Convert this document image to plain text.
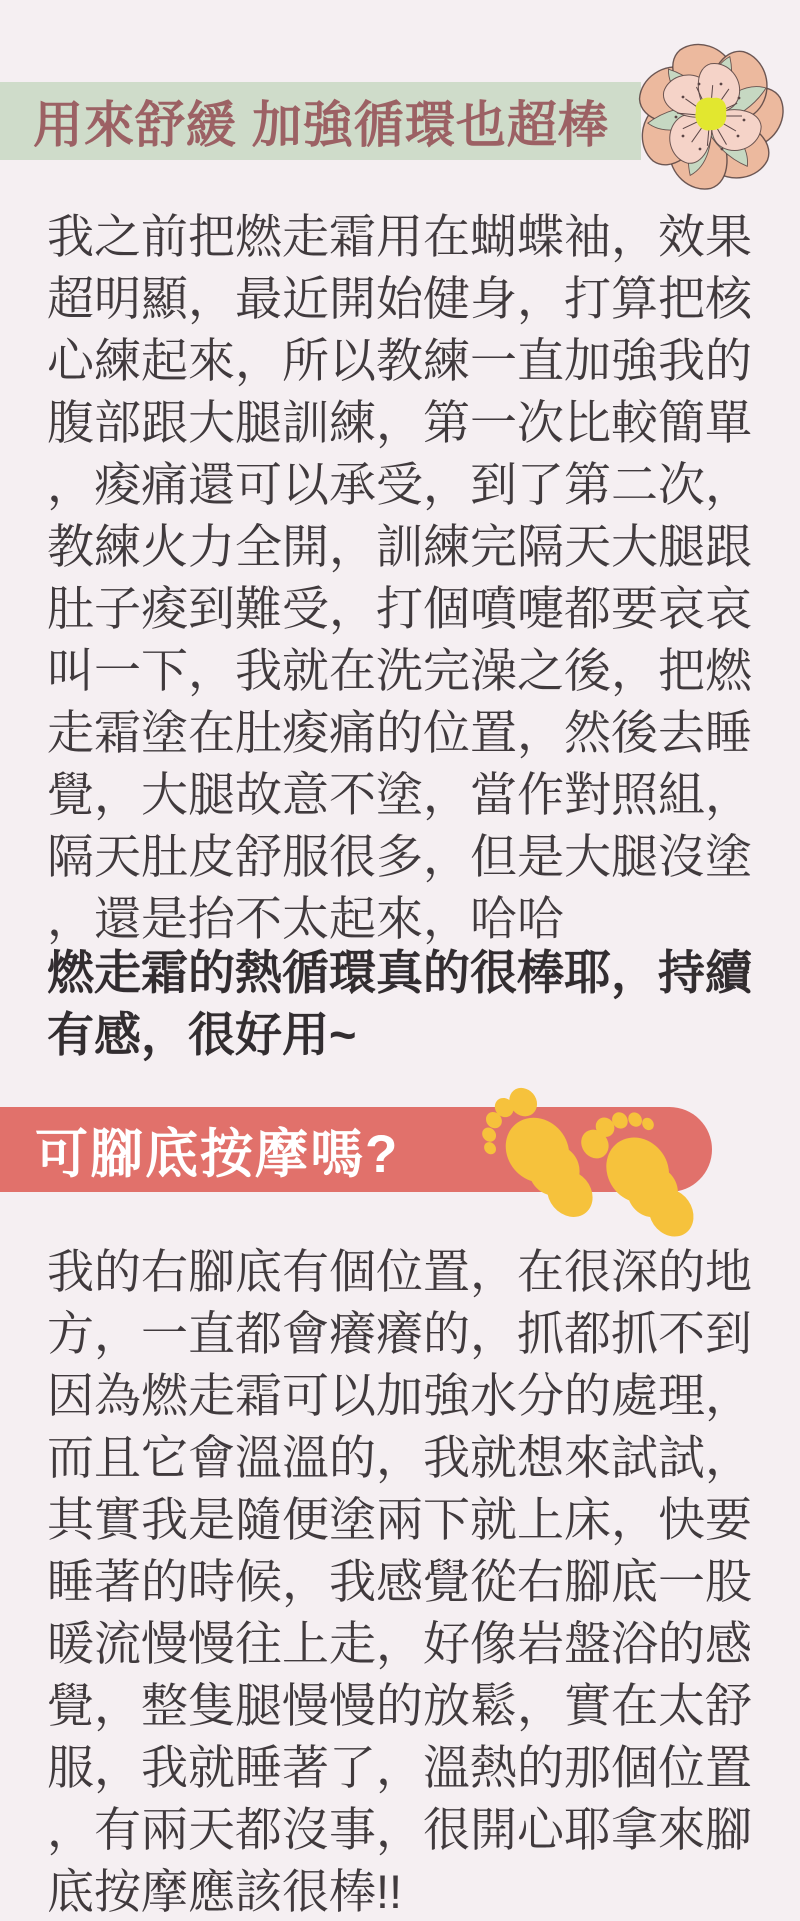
用來舒緩 加強循環也超棒

我之前把燃走霜用在蝴蝶袖，效果超明顯，最近開始健身，打算把核心練起來，所以教練一直加強我的腹部跟大腿訓練，第一次比較簡單，痠痛還可以承受，到了第二次，教練火力全開，訓練完隔天大腿跟肚子痠到難受，打個噴嚏都要哀哀叫一下，我就在洗完澡之後，把燃走霜塗在肚痠痛的位置，然後去睡覺，大腿故意不塗，當作對照組，隔天肚皮舒服很多，但是大腿沒塗，還是抬不太起來，哈哈

燃走霜的熱循環真的很棒耶，持續有感，很好用~

可腳底按摩嗎?

我的右腳底有個位置，在很深的地方，一直都會癢癢的，抓都抓不到因為燃走霜可以加強水分的處理，而且它會溫溫的，我就想來試試，其實我是隨便塗兩下就上床，快要睡著的時候，我感覺從右腳底一股暖流慢慢往上走，好像岩盤浴的感覺，整隻腿慢慢的放鬆，實在太舒服，我就睡著了，溫熱的那個位置，有兩天都沒事，很開心耶拿來腳底按摩應該很棒!!
